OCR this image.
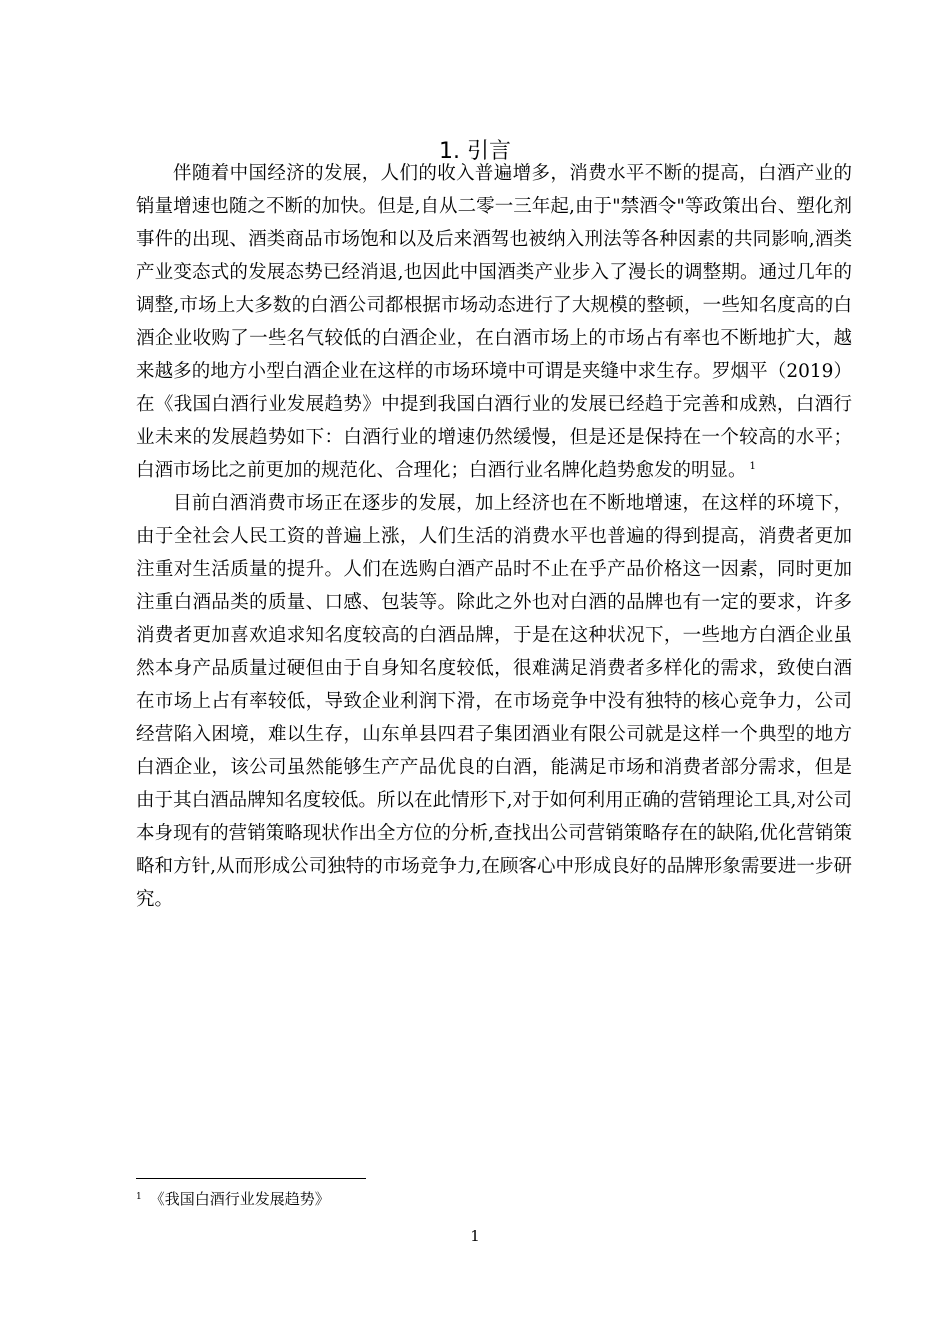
1. 引言

伴随着中国经济的发展，人们的收入普遍增多，消费水平不断的提高，白酒产业的销量增速也随之不断的加快。但是,自从二零一三年起,由于"禁酒令"等政策出台、塑化剂事件的出现、酒类商品市场饱和以及后来酒驾也被纳入刑法等各种因素的共同影响,酒类产业变态式的发展态势已经消退,也因此中国酒类产业步入了漫长的调整期。通过几年的调整,市场上大多数的白酒公司都根据市场动态进行了大规模的整顿，一些知名度高的白酒企业收购了一些名气较低的白酒企业，在白酒市场上的市场占有率也不断地扩大，越来越多的地方小型白酒企业在这样的市场环境中可谓是夹缝中求生存。罗烟平（2019）在《我国白酒行业发展趋势》中提到我国白酒行业的发展已经趋于完善和成熟，白酒行业未来的发展趋势如下：白酒行业的增速仍然缓慢，但是还是保持在一个较高的水平；白酒市场比之前更加的规范化、合理化；白酒行业名牌化趋势愈发的明显。 $^1$

目前白酒消费市场正在逐步的发展，加上经济也在不断地增速，在这样的环境下，由于全社会人民工资的普遍上涨，人们生活的消费水平也普遍的得到提高，消费者更加注重对生活质量的提升。人们在选购白酒产品时不止在乎产品价格这一因素，同时更加注重白酒品类的质量、口感、包装等。除此之外也对白酒的品牌也有一定的要求，许多消费者更加喜欢追求知名度较高的白酒品牌，于是在这种状况下，一些地方白酒企业虽然本身产品质量过硬但由于自身知名度较低，很难满足消费者多样化的需求，致使白酒在市场上占有率较低，导致企业利润下滑，在市场竞争中没有独特的核心竞争力，公司经营陷入困境，难以生存，山东单县四君子集团酒业有限公司就是这样一个典型的地方白酒企业，该公司虽然能够生产产品优良的白酒，能满足市场和消费者部分需求，但是由于其白酒品牌知名度较低。所以在此情形下,对于如何利用正确的营销理论工具,对公司本身现有的营销策略现状作出全方位的分析,查找出公司营销策略存在的缺陷,优化营销策略和方针,从而形成公司独特的市场竞争力,在顾客心中形成良好的品牌形象需要进一步研究。

$^1$ 《我国白酒行业发展趋势》
1
